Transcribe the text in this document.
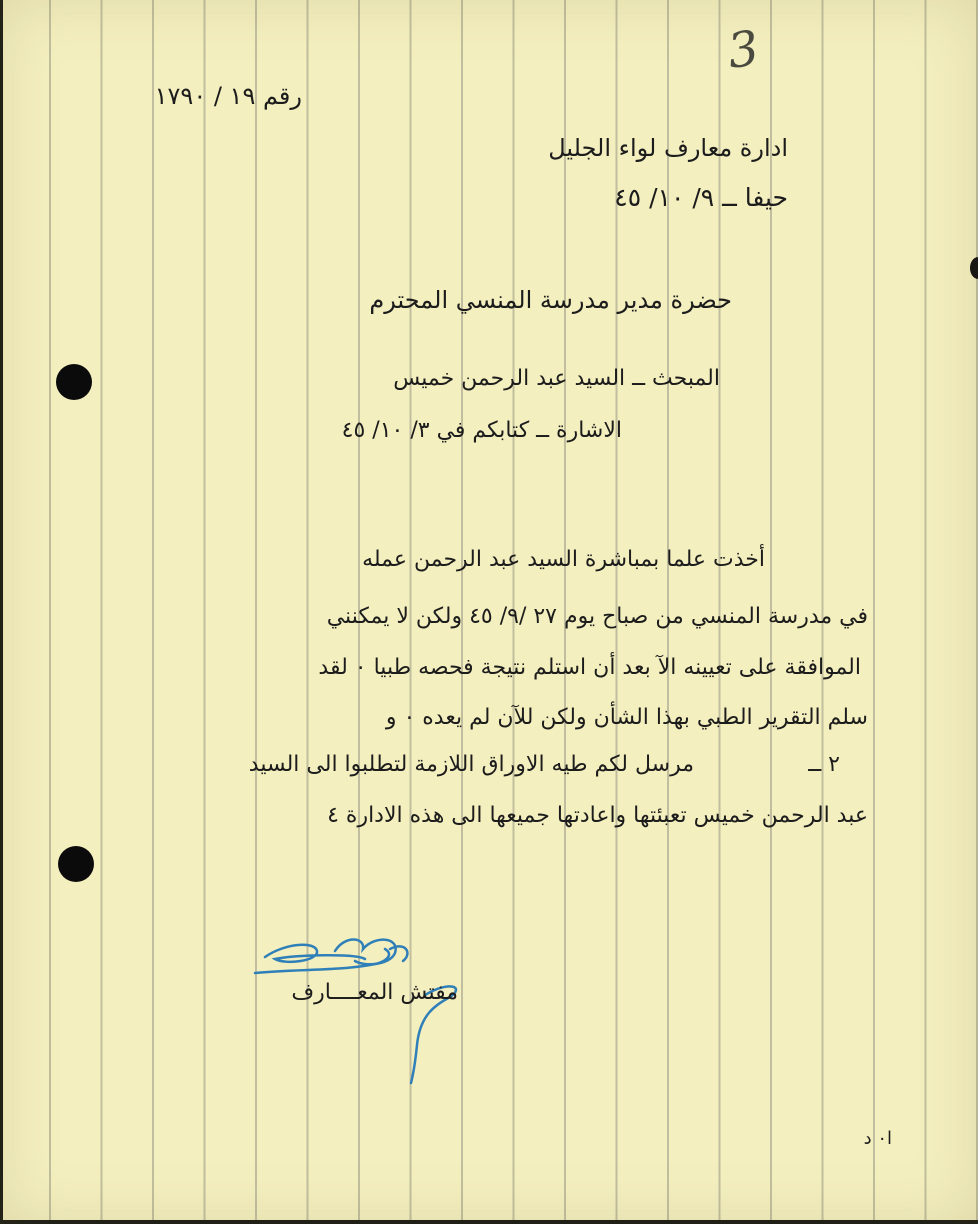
3
رقم ١٩ / ١٧٩٠
ادارة معارف لواء الجليل
حيفا ــ ٩/ ١٠/ ٤٥
حضرة مدير مدرسة المنسي المحترم
المبحث ــ السيد عبد الرحمن خميس
الاشارة ــ كتابكم في ٣/ ١٠/ ٤٥
أخذت علما بمباشرة السيد عبد الرحمن عمله
في مدرسة المنسي من صباح يوم ٢٧ /٩/ ٤٥ ولكن لا يمكنني
الموافقة على تعيينه الآ بعد أن استلم نتيجة فحصه طبيا ٠ لقد
سلم التقرير الطبي بهذا الشأن ولكن للآن لم يعده ٠ و
٢ ــ
مرسل لكم طيه الاوراق اللازمة لتطلبوا الى السيد
عبد الرحمن خميس تعبئتها واعادتها جميعها الى هذه الادارة ٤
مفتش المعــــارف
ا٠ د
